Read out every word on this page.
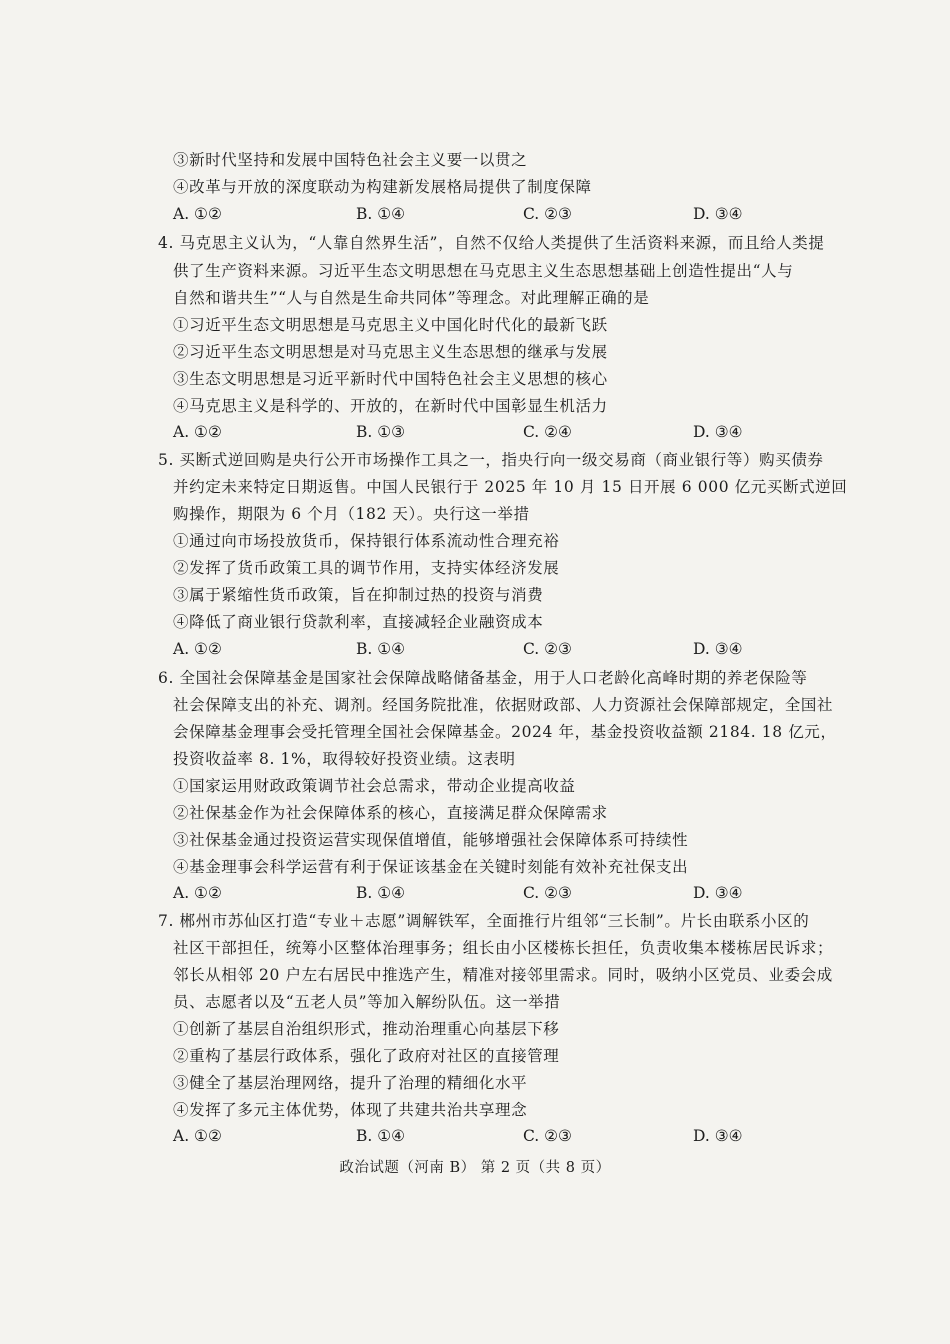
③新时代坚持和发展中国特色社会主义要一以贯之
④改革与开放的深度联动为构建新发展格局提供了制度保障
A. ①②	B. ①④	C. ②③	D. ③④
4. 马克思主义认为，“人靠自然界生活”，自然不仅给人类提供了生活资料来源，而且给人类提
供了生产资料来源。习近平生态文明思想在马克思主义生态思想基础上创造性提出“人与
自然和谐共生”“人与自然是生命共同体”等理念。对此理解正确的是
①习近平生态文明思想是马克思主义中国化时代化的最新飞跃
②习近平生态文明思想是对马克思主义生态思想的继承与发展
③生态文明思想是习近平新时代中国特色社会主义思想的核心
④马克思主义是科学的、开放的，在新时代中国彰显生机活力
A. ①②	B. ①③	C. ②④	D. ③④
5. 买断式逆回购是央行公开市场操作工具之一，指央行向一级交易商（商业银行等）购买债券
并约定未来特定日期返售。中国人民银行于 2025 年 10 月 15 日开展 6 000 亿元买断式逆回
购操作，期限为 6 个月（182 天）。央行这一举措
①通过向市场投放货币，保持银行体系流动性合理充裕
②发挥了货币政策工具的调节作用，支持实体经济发展
③属于紧缩性货币政策，旨在抑制过热的投资与消费
④降低了商业银行贷款利率，直接减轻企业融资成本
A. ①②	B. ①④	C. ②③	D. ③④
6. 全国社会保障基金是国家社会保障战略储备基金，用于人口老龄化高峰时期的养老保险等
社会保障支出的补充、调剂。经国务院批准，依据财政部、人力资源社会保障部规定，全国社
会保障基金理事会受托管理全国社会保障基金。2024 年，基金投资收益额 2184. 18 亿元，
投资收益率 8. 1%，取得较好投资业绩。这表明
①国家运用财政政策调节社会总需求，带动企业提高收益
②社保基金作为社会保障体系的核心，直接满足群众保障需求
③社保基金通过投资运营实现保值增值，能够增强社会保障体系可持续性
④基金理事会科学运营有利于保证该基金在关键时刻能有效补充社保支出
A. ①②	B. ①④	C. ②③	D. ③④
7. 郴州市苏仙区打造“专业＋志愿”调解铁军，全面推行片组邻“三长制”。片长由联系小区的
社区干部担任，统筹小区整体治理事务；组长由小区楼栋长担任，负责收集本楼栋居民诉求；
邻长从相邻 20 户左右居民中推选产生，精准对接邻里需求。同时，吸纳小区党员、业委会成
员、志愿者以及“五老人员”等加入解纷队伍。这一举措
①创新了基层自治组织形式，推动治理重心向基层下移
②重构了基层行政体系，强化了政府对社区的直接管理
③健全了基层治理网络，提升了治理的精细化水平
④发挥了多元主体优势，体现了共建共治共享理念
A. ①②	B. ①④	C. ②③	D. ③④
政治试题（河南 B） 第 2 页（共 8 页）
